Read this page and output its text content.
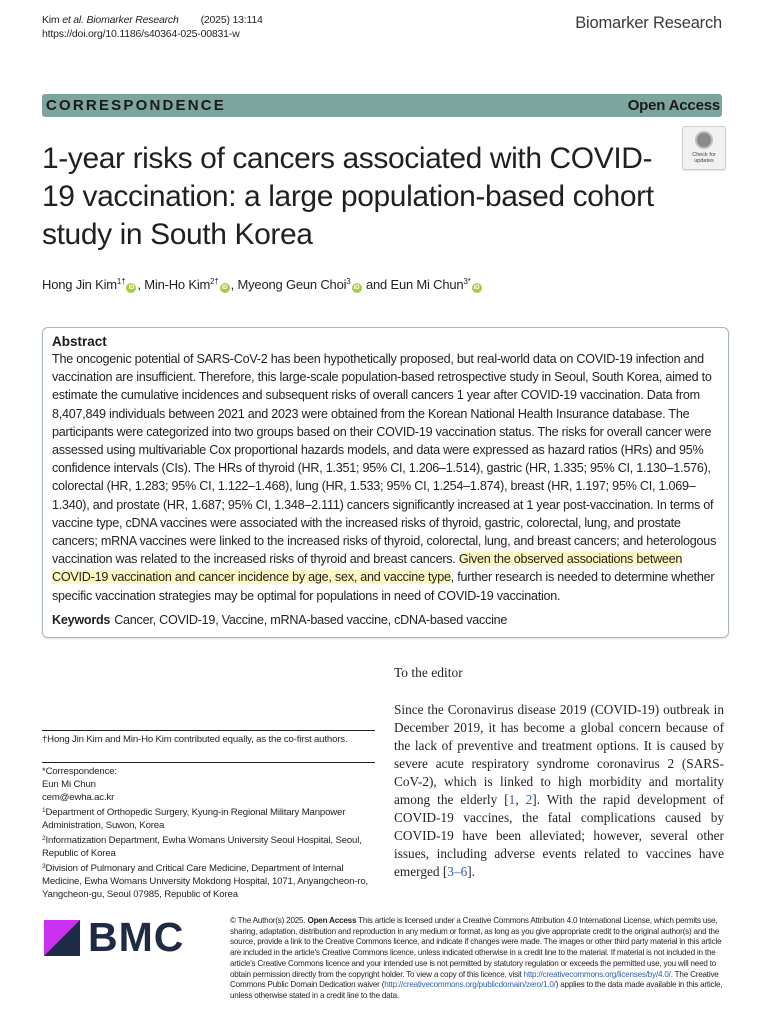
Kim et al. Biomarker Research (2025) 13:114
https://doi.org/10.1186/s40364-025-00831-w
Biomarker Research
CORRESPONDENCE	Open Access
Check for updates
1-year risks of cancers associated with COVID-19 vaccination: a large population-based cohort study in South Korea
Hong Jin Kim$^{1\dagger}$iD , Min-Ho Kim$^{2\dagger}$iD , Myeong Geun Choi$^3$iD and Eun Mi Chun$^{3*}$iD
Abstract
The oncogenic potential of SARS-CoV-2 has been hypothetically proposed, but real-world data on COVID-19 infection and vaccination are insufficient. Therefore, this large-scale population-based retrospective study in Seoul, South Korea, aimed to estimate the cumulative incidences and subsequent risks of overall cancers 1 year after COVID-19 vaccination. Data from 8,407,849 individuals between 2021 and 2023 were obtained from the Korean National Health Insurance database. The participants were categorized into two groups based on their COVID-19 vaccination status. The risks for overall cancer were assessed using multivariable Cox proportional hazards models, and data were expressed as hazard ratios (HRs) and 95% confidence intervals (CIs). The HRs of thyroid (HR, 1.351; 95% CI, 1.206–1.514), gastric (HR, 1.335; 95% CI, 1.130–1.576), colorectal (HR, 1.283; 95% CI, 1.122–1.468), lung (HR, 1.533; 95% CI, 1.254–1.874), breast (HR, 1.197; 95% CI, 1.069–1.340), and prostate (HR, 1.687; 95% CI, 1.348–2.111) cancers significantly increased at 1 year post-vaccination. In terms of vaccine type, cDNA vaccines were associated with the increased risks of thyroid, gastric, colorectal, lung, and prostate cancers; mRNA vaccines were linked to the increased risks of thyroid, colorectal, lung, and breast cancers; and heterologous vaccination was related to the increased risks of thyroid and breast cancers. Given the observed associations between COVID-19 vaccination and cancer incidence by age, sex, and vaccine type, further research is needed to determine whether specific vaccination strategies may be optimal for populations in need of COVID-19 vaccination.
Keywords Cancer, COVID-19, Vaccine, mRNA-based vaccine, cDNA-based vaccine
†Hong Jin Kim and Min-Ho Kim contributed equally, as the co-first authors.
*Correspondence:
Eun Mi Chun
cem@ewha.ac.kr
$^1$Department of Orthopedic Surgery, Kyung-in Regional Military Manpower Administration, Suwon, Korea
$^2$Informatization Department, Ewha Womans University Seoul Hospital, Seoul, Republic of Korea
$^3$Division of Pulmonary and Critical Care Medicine, Department of Internal Medicine, Ewha Womans University Mokdong Hospital, 1071, Anyangcheon-ro, Yangcheon-gu, Seoul 07985, Republic of Korea
To the editor
Since the Coronavirus disease 2019 (COVID-19) outbreak in December 2019, it has become a global concern because of the lack of preventive and treatment options. It is caused by severe acute respiratory syndrome coronavirus 2 (SARS-CoV-2), which is linked to high morbidity and mortality among the elderly [1, 2]. With the rapid development of COVID-19 vaccines, the fatal complications caused by COVID-19 have been alleviated; however, several other issues, including adverse events related to vaccines have emerged [3–6].
BMC	© The Author(s) 2025. Open Access This article is licensed under a Creative Commons Attribution 4.0 International License, which permits use, sharing, adaptation, distribution and reproduction in any medium or format, as long as you give appropriate credit to the original author(s) and the source, provide a link to the Creative Commons licence, and indicate if changes were made. The images or other third party material in this article are included in the article's Creative Commons licence, unless indicated otherwise in a credit line to the material. If material is not included in the article's Creative Commons licence and your intended use is not permitted by statutory regulation or exceeds the permitted use, you will need to obtain permission directly from the copyright holder. To view a copy of this licence, visit http://creativecommons.org/licenses/by/4.0/. The Creative Commons Public Domain Dedication waiver (http://creativecommons.org/publicdomain/zero/1.0/) applies to the data made available in this article, unless otherwise stated in a credit line to the data.
